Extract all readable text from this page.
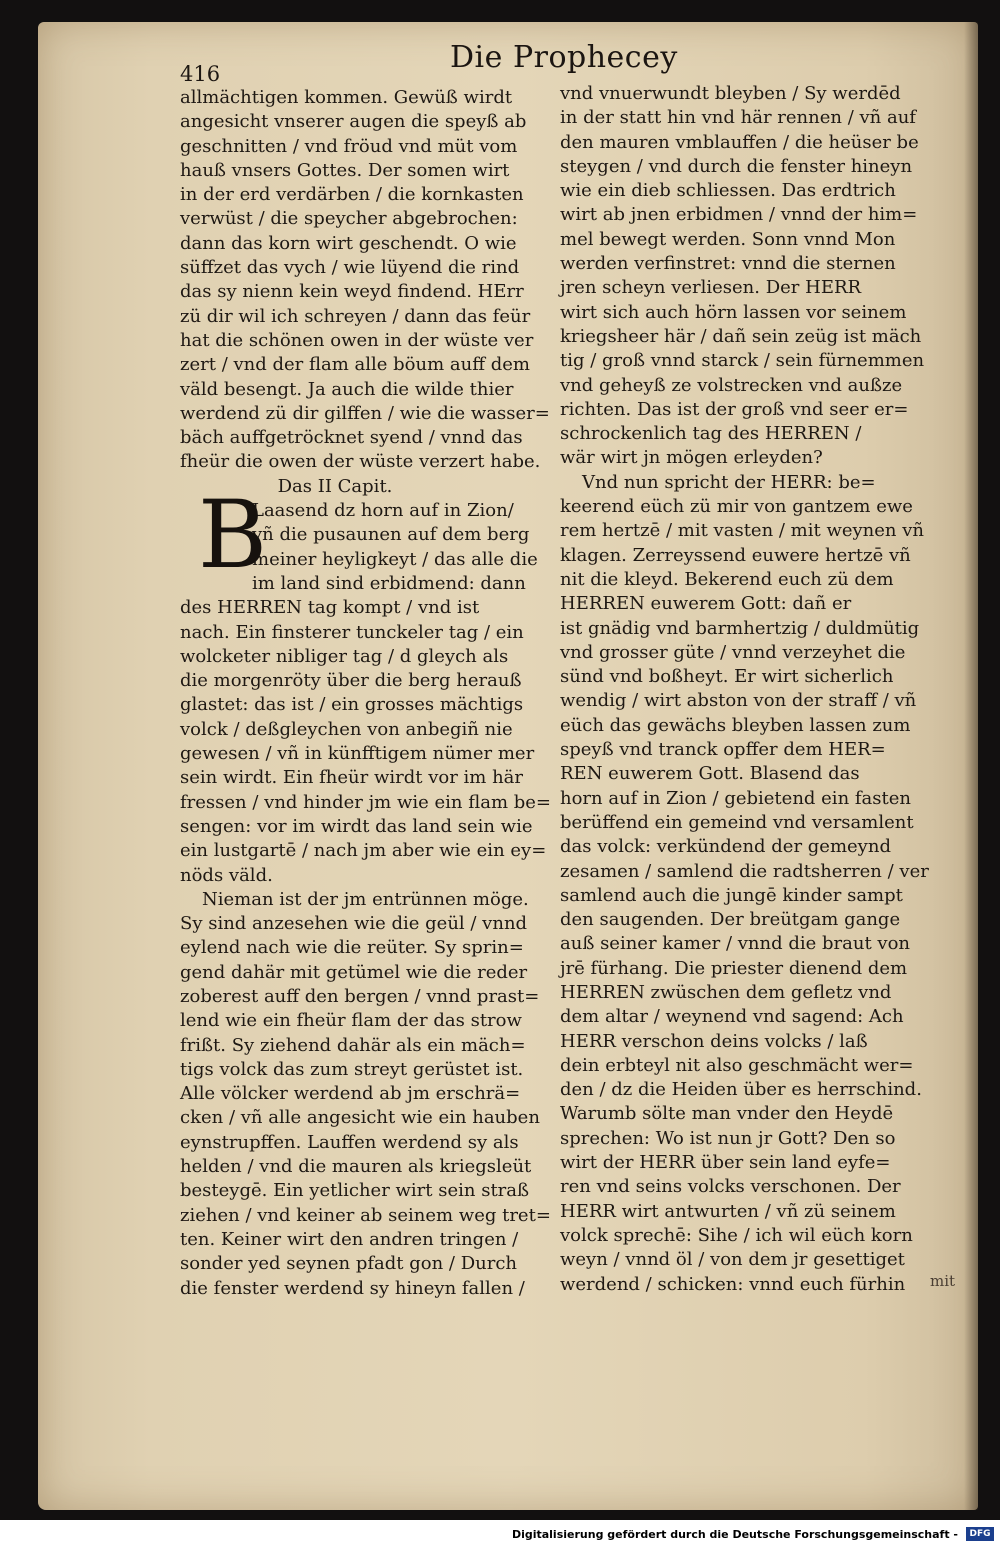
416	Die Prophecey
allmächtigen kommen. Gewüß wirdt
angesicht vnserer augen die speyß ab
geschnitten / vnd fröud vnd müt vom
hauß vnsers Gottes. Der somen wirt
in der erd verdärben / die kornkasten
verwüst / die speycher abgebrochen:
dann das korn wirt geschendt. O wie
süffzet das vych / wie lüyend die rind
das sy nienn kein weyd findend. HErr
zü dir wil ich schreyen / dann das feür
hat die schönen owen in der wüste ver
zert / vnd der flam alle böum auff dem
väld besengt. Ja auch die wilde thier
werdend zü dir gilffen / wie die wasser=
bäch auffgetröcknet syend / vnnd das
fheür die owen der wüste verzert habe.
Das II Capit.
B
Laasend dz horn auf in Zion/
vñ die pusaunen auf dem berg
meiner heyligkeyt / das alle die
im land sind erbidmend: dann
des HERREN tag kompt / vnd ist
nach. Ein finsterer tunckeler tag / ein
wolcketer nibliger tag / d gleych als
die morgenröty über die berg herauß
glastet: das ist / ein grosses mächtigs
volck / deßgleychen von anbegiñ nie
gewesen / vñ in künfftigem nümer mer
sein wirdt. Ein fheür wirdt vor im här
fressen / vnd hinder jm wie ein flam be=
sengen: vor im wirdt das land sein wie
ein lustgartē / nach jm aber wie ein ey=
nöds väld.
Nieman ist der jm entrünnen möge.
Sy sind anzesehen wie die geül / vnnd
eylend nach wie die reüter. Sy sprin=
gend dahär mit getümel wie die reder
zoberest auff den bergen / vnnd prast=
lend wie ein fheür flam der das strow
frißt. Sy ziehend dahär als ein mäch=
tigs volck das zum streyt gerüstet ist.
Alle völcker werdend ab jm erschrä=
cken / vñ alle angesicht wie ein hauben
eynstrupffen. Lauffen werdend sy als
helden / vnd die mauren als kriegsleüt
besteygē. Ein yetlicher wirt sein straß
ziehen / vnd keiner ab seinem weg tret=
ten. Keiner wirt den andren tringen /
sonder yed seynen pfadt gon / Durch
die fenster werdend sy hineyn fallen /
vnd vnuerwundt bleyben / Sy werdēd
in der statt hin vnd här rennen / vñ auf
den mauren vmblauffen / die heüser be
steygen / vnd durch die fenster hineyn
wie ein dieb schliessen. Das erdtrich
wirt ab jnen erbidmen / vnnd der him=
mel bewegt werden. Sonn vnnd Mon
werden verfinstret: vnnd die sternen
jren scheyn verliesen. Der HERR
wirt sich auch hörn lassen vor seinem
kriegsheer här / dañ sein zeüg ist mäch
tig / groß vnnd starck / sein fürnemmen
vnd geheyß ze volstrecken vnd außze
richten. Das ist der groß vnd seer er=
schrockenlich tag des HERREN /
wär wirt jn mögen erleyden?
Vnd nun spricht der HERR: be=
keerend eüch zü mir von gantzem ewe
rem hertzē / mit vasten / mit weynen vñ
klagen. Zerreyssend euwere hertzē vñ
nit die kleyd. Bekerend euch zü dem
HERREN euwerem Gott: dañ er
ist gnädig vnd barmhertzig / duldmütig
vnd grosser güte / vnnd verzeyhet die
sünd vnd boßheyt. Er wirt sicherlich
wendig / wirt abston von der straff / vñ
eüch das gewächs bleyben lassen zum
speyß vnd tranck opffer dem HER=
REN euwerem Gott. Blasend das
horn auf in Zion / gebietend ein fasten
berüffend ein gemeind vnd versamlent
das volck: verkündend der gemeynd
zesamen / samlend die radtsherren / ver
samlend auch die jungē kinder sampt
den saugenden. Der breütgam gange
auß seiner kamer / vnnd die braut von
jrē fürhang. Die priester dienend dem
HERREN zwüschen dem gefletz vnd
dem altar / weynend vnd sagend: Ach
HERR verschon deins volcks / laß
dein erbteyl nit also geschmächt wer=
den / dz die Heiden über es herrschind.
Warumb sölte man vnder den Heydē
sprechen: Wo ist nun jr Gott? Den so
wirt der HERR über sein land eyfe=
ren vnd seins volcks verschonen. Der
HERR wirt antwurten / vñ zü seinem
volck sprechē: Sihe / ich wil eüch korn
weyn / vnnd öl / von dem jr gesettiget
werdend / schicken: vnnd euch fürhin	mit
Digitalisierung gefördert durch die Deutsche Forschungsgemeinschaft -	DFG
